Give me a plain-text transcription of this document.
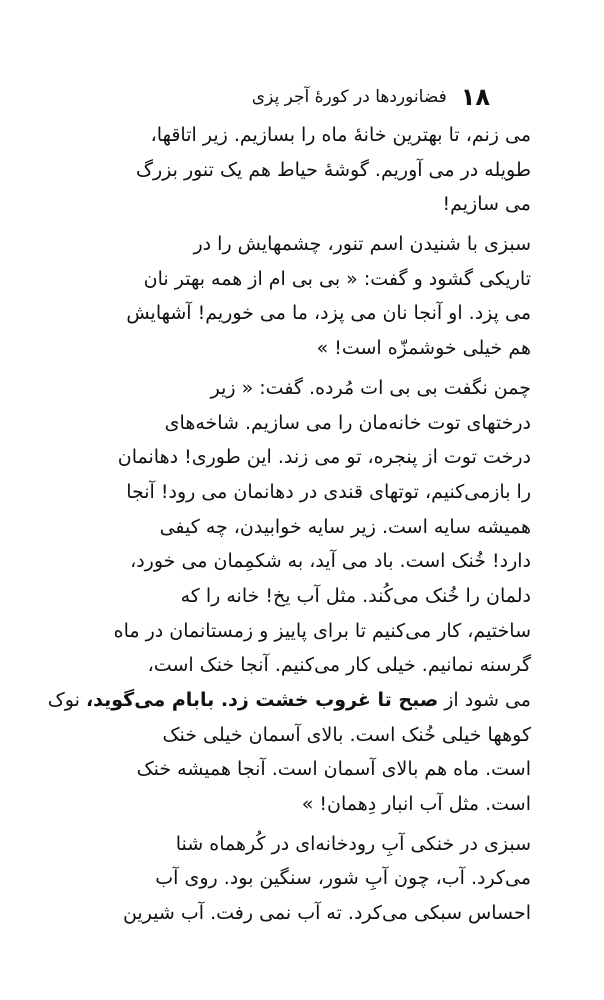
۱۸
فضانوردها در کورهٔ آجر پزی
می زنم، تا بهترین خانهٔ ماه را بسازیم. زیر اتاقها،
طویله در می آوریم. گوشهٔ حیاط هم یک تنور بزرگ
می سازیم!
سبزی با شنیدن اسم تنور، چشمهایش را در
تاریکی گشود و گفت: « بی بی ام از همه بهتر نان
می پزد. او آنجا نان می پزد، ما می خوریم! آشهایش
هم خیلی خوشمزّه است! »
چمن نگفت بی بی ات مُرده. گفت: « زیر
درختهای توت خانه‌مان را می سازیم. شاخه‌های
درخت توت از پنجره، تو می زند. این طوری! دهانمان
را بازمی‌کنیم، توتهای قندی در دهانمان می رود! آنجا
همیشه سایه است. زیر سایه خوابیدن، چه کیفی
دارد! خُنک است. باد می آید، به شکمِمان می خورد،
دلمان را خُنک می‌کُند. مثل آب یخ! خانه را که
ساختیم، کار می‌کنیم تا برای پاییز و زمستانمان در ماه
گرسنه نمانیم. خیلی کار می‌کنیم. آنجا خنک است،
می شود از صبح تا غروب خشت زد. بابام می‌گوید، نوک
کوهها خیلی خُنک است. بالای آسمان خیلی خنک
است. ماه هم بالای آسمان است. آنجا همیشه خنک
است. مثل آب انبار دِهمان! »
سبزی در خنکی آبِ رودخانه‌ای در کُرهماه شنا
می‌کرد. آب، چون آبِ شور، سنگین بود. روی آب
احساس سبکی می‌کرد. ته آب نمی رفت. آب شیرین
